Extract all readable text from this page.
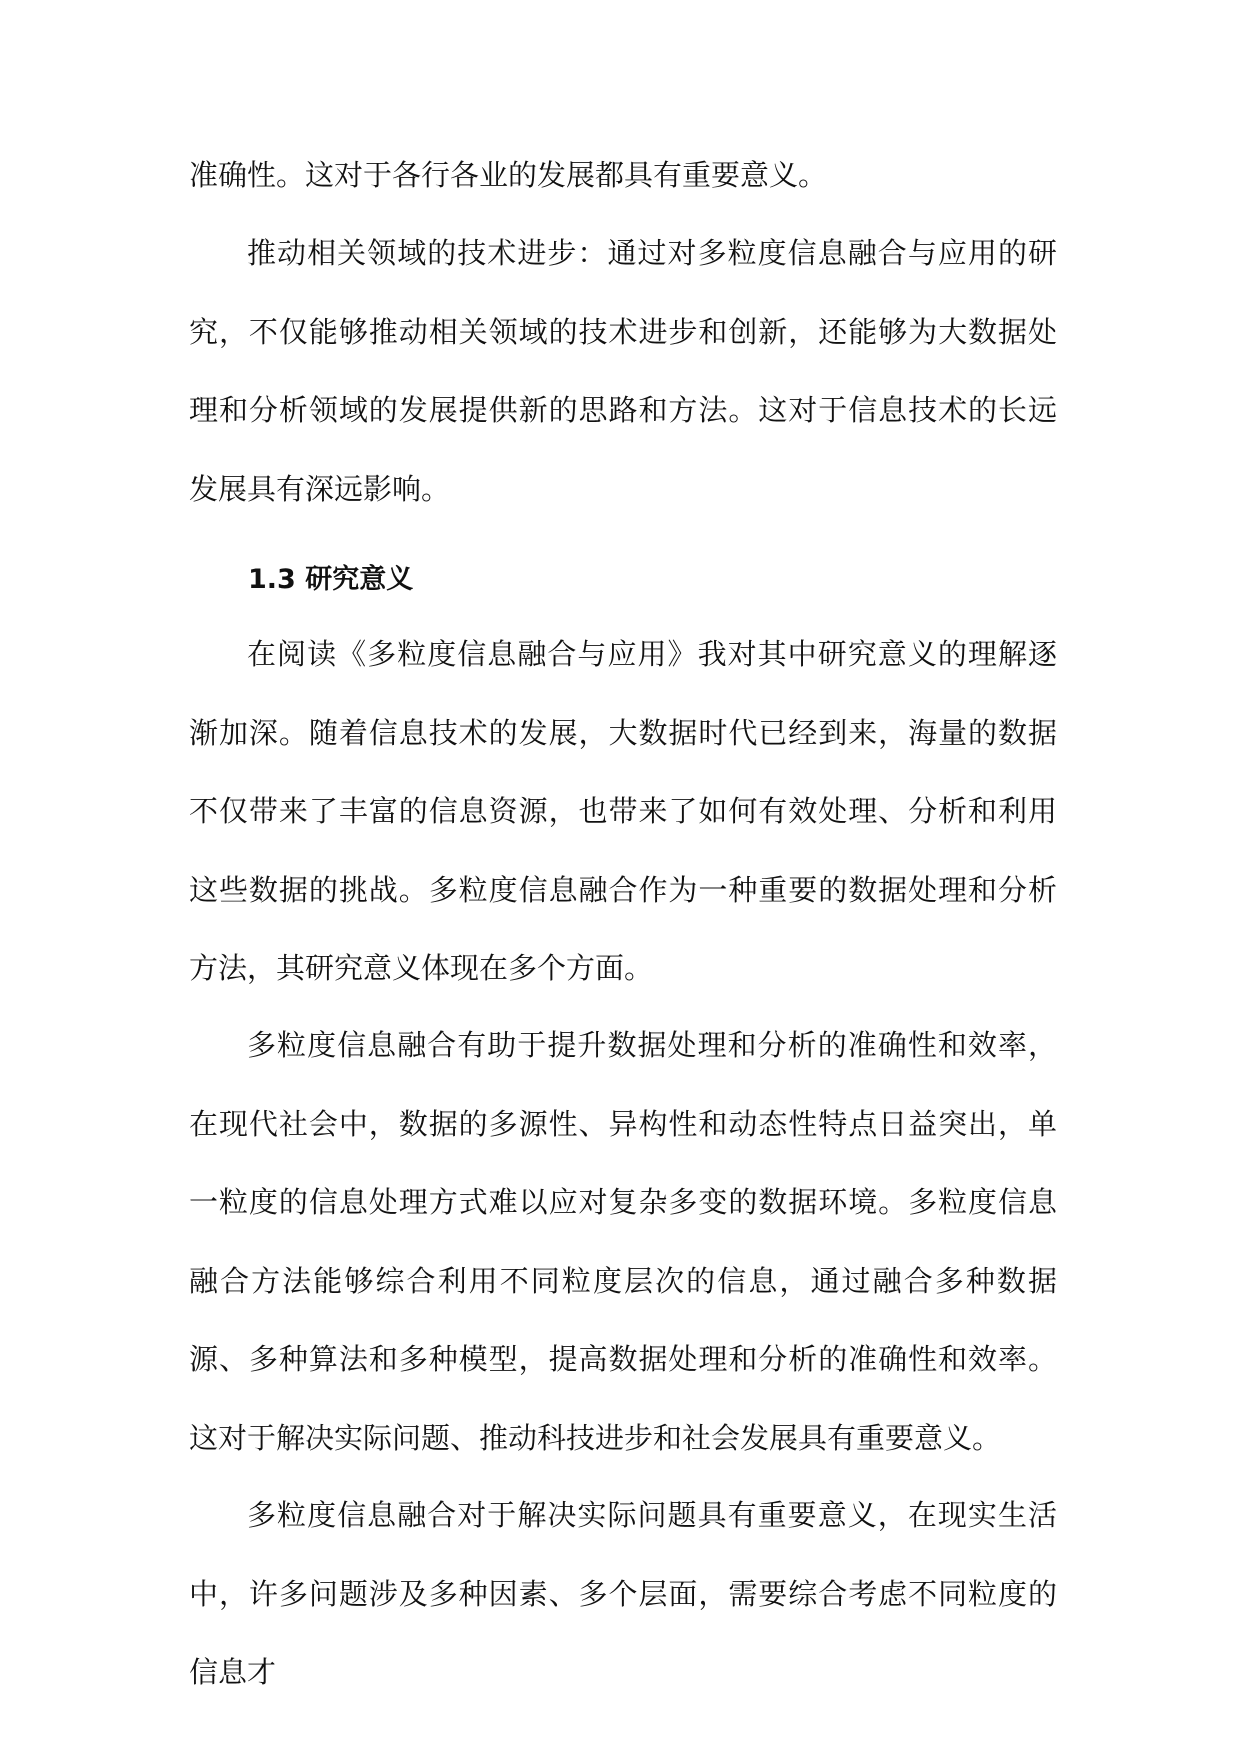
准确性。这对于各行各业的发展都具有重要意义。

推动相关领域的技术进步：通过对多粒度信息融合与应用的研究，不仅能够推动相关领域的技术进步和创新，还能够为大数据处理和分析领域的发展提供新的思路和方法。这对于信息技术的长远发展具有深远影响。

1.3 研究意义

在阅读《多粒度信息融合与应用》我对其中研究意义的理解逐渐加深。随着信息技术的发展，大数据时代已经到来，海量的数据不仅带来了丰富的信息资源，也带来了如何有效处理、分析和利用这些数据的挑战。多粒度信息融合作为一种重要的数据处理和分析方法，其研究意义体现在多个方面。

多粒度信息融合有助于提升数据处理和分析的准确性和效率，在现代社会中，数据的多源性、异构性和动态性特点日益突出，单一粒度的信息处理方式难以应对复杂多变的数据环境。多粒度信息融合方法能够综合利用不同粒度层次的信息，通过融合多种数据源、多种算法和多种模型，提高数据处理和分析的准确性和效率。这对于解决实际问题、推动科技进步和社会发展具有重要意义。

多粒度信息融合对于解决实际问题具有重要意义，在现实生活中，许多问题涉及多种因素、多个层面，需要综合考虑不同粒度的信息才
